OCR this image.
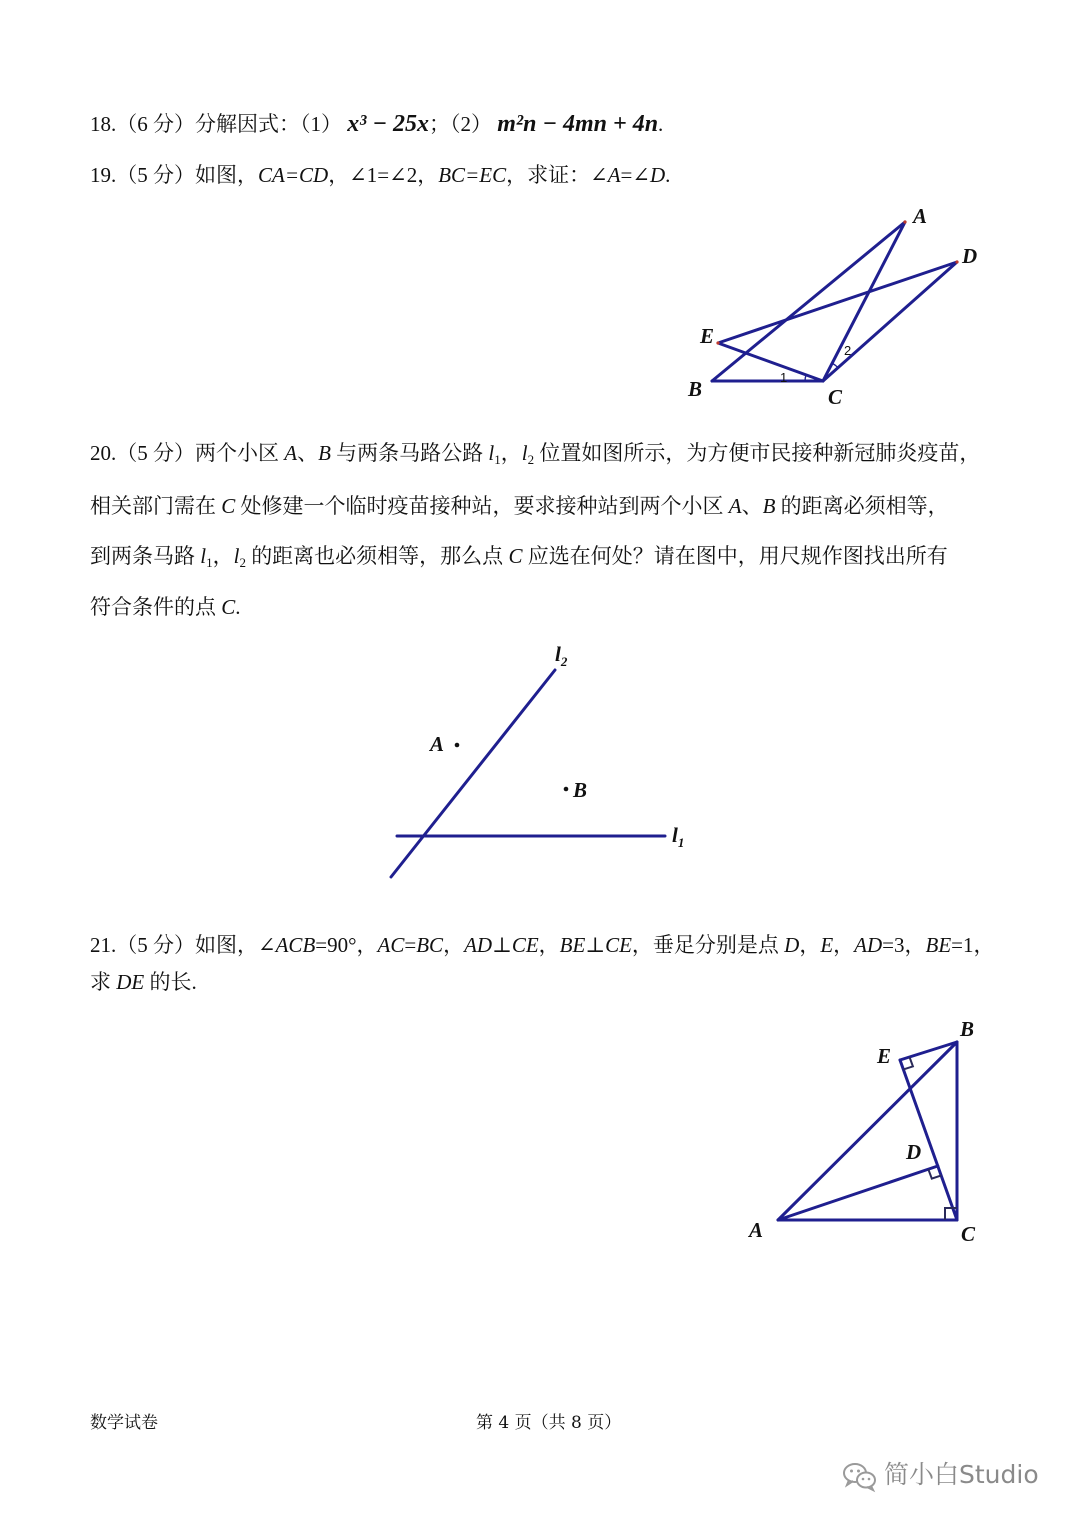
18.（6 分）分解因式：（1） x³ − 25x；（2） m²n − 4mn + 4n.
19.（5 分）如图，CA=CD，∠1=∠2，BC=EC，求证：∠A=∠D.
A
D
E
B	C
1
2
20.（5 分）两个小区 A、B 与两条马路公路 $l_1$，$l_2$ 位置如图所示，为方便市民接种新冠肺炎疫苗，
相关部门需在 C 处修建一个临时疫苗接种站，要求接种站到两个小区 A、B 的距离必须相等，
到两条马路 $l_1$，$l_2$ 的距离也必须相等，那么点 C 应选在何处？请在图中，用尺规作图找出所有
符合条件的点 C.
$l_2$
$l_1$
A
B
21.（5 分）如图，∠ACB=90°，AC=BC，AD⊥CE，BE⊥CE，垂足分别是点 D，E，AD=3，BE=1，
求 DE 的长.
B
E
D
A	C
数学试卷	第 4 页（共 8 页）
简小白Studio
